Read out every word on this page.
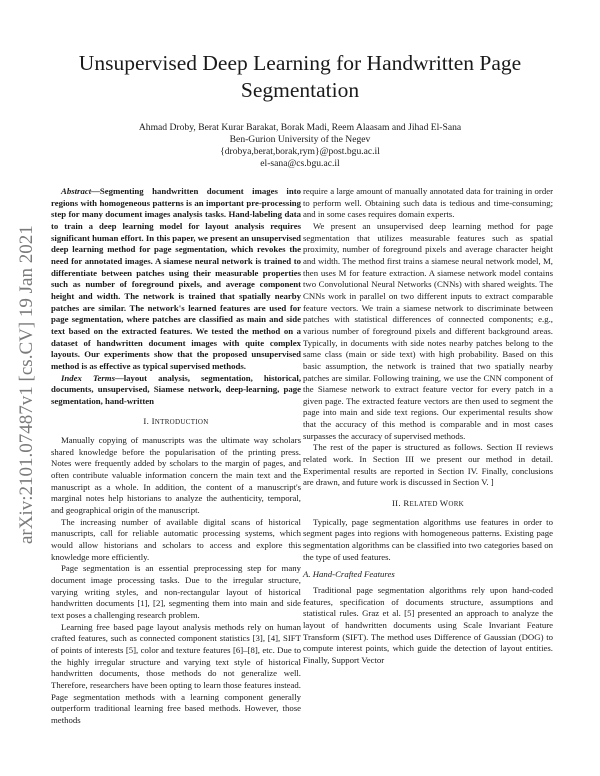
Unsupervised Deep Learning for Handwritten Page Segmentation
Ahmad Droby, Berat Kurar Barakat, Borak Madi, Reem Alaasam and Jihad El-Sana
Ben-Gurion University of the Negev
{drobya,berat,borak,rym}@post.bgu.ac.il
el-sana@cs.bgu.ac.il
arXiv:2101.07487v1 [cs.CV] 19 Jan 2021

Abstract—Segmenting handwritten document images into regions with homogeneous patterns is an important pre-processing step for many document images analysis tasks. Hand-labeling data to train a deep learning model for layout analysis requires significant human effort. In this paper, we present an unsupervised deep learning method for page segmentation, which revokes the need for annotated images. A siamese neural network is trained to differentiate between patches using their measurable properties such as number of foreground pixels, and average component height and width. The network is trained that spatially nearby patches are similar. The network's learned features are used for page segmentation, where patches are classified as main and side text based on the extracted features. We tested the method on a dataset of handwritten document images with quite complex layouts. Our experiments show that the proposed unsupervised method is as effective as typical supervised methods.

Index Terms—layout analysis, segmentation, historical, documents, unsupervised, Siamese network, deep-learning, page segmentation, hand-written

I. INTRODUCTION

Manually copying of manuscripts was the ultimate way scholars shared knowledge before the popularisation of the printing press. Notes were frequently added by scholars to the margin of pages, and often contribute valuable information concern the main text and the manuscript as a whole. In addition, the content of a manuscript's marginal notes help historians to analyze the authenticity, temporal, and geographical origin of the manuscript.

The increasing number of available digital scans of historical manuscripts, call for reliable automatic processing systems, which would allow historians and scholars to access and explore this knowledge more efficiently.

Page segmentation is an essential preprocessing step for many document image processing tasks. Due to the irregular structure, varying writing styles, and non-rectangular layout of historical handwritten documents [1], [2], segmenting them into main and side text poses a challenging research problem.

Learning free based page layout analysis methods rely on human crafted features, such as connected component statistics [3], [4], SIFT of points of interests [5], color and texture features [6]–[8], etc. Due to the highly irregular structure and varying text style of historical handwritten documents, those methods do not generalize well. Therefore, researchers have been opting to learn those features instead. Page segmentation methods with a learning component generally outperform traditional learning free based methods. However, those methods

require a large amount of manually annotated data for training in order to perform well. Obtaining such data is tedious and time-consuming; and in some cases requires domain experts.

We present an unsupervised deep learning method for page segmentation that utilizes measurable features such as spatial proximity, number of foreground pixels and average character height and width. The method first trains a siamese neural network model, M, then uses M for feature extraction. A siamese network model contains two Convolutional Neural Networks (CNNs) with shared weights. The CNNs work in parallel on two different inputs to extract comparable feature vectors. We train a siamese network to discriminate between patches with statistical differences of connected components; e.g., various number of foreground pixels and different background areas. Typically, in documents with side notes nearby patches belong to the same class (main or side text) with high probability. Based on this basic assumption, the network is trained that two spatially nearby patches are similar. Following training, we use the CNN component of the Siamese network to extract feature vector for every patch in a given page. The extracted feature vectors are then used to segment the page into main and side text regions. Our experimental results show that the accuracy of this method is comparable and in most cases surpasses the accuracy of supervised methods.

The rest of the paper is structured as follows. Section II reviews related work. In Section III we present our method in detail. Experimental results are reported in Section IV. Finally, conclusions are drawn, and future work is discussed in Section V. ]

II. RELATED WORK

Typically, page segmentation algorithms use features in order to segment pages into regions with homogeneous patterns. Existing page segmentation algorithms can be classified into two categories based on the type of used features.

A. Hand-Crafted Features

Traditional page segmentation algorithms rely upon hand-coded features, specification of documents structure, assumptions and statistical rules. Graz et al. [5] presented an approach to analyze the layout of handwritten documents using Scale Invariant Feature Transform (SIFT). The method uses Difference of Gaussian (DOG) to compute interest points, which guide the detection of layout entities. Finally, Support Vector
